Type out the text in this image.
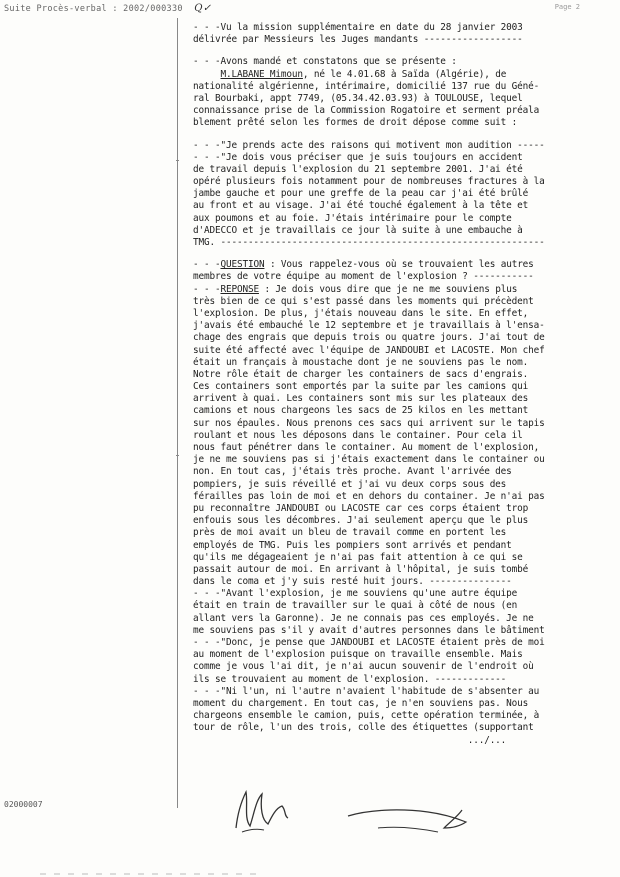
Suite Procès-verbal : 2002/000330 Q✓	Page 2
- - -Vu la mission supplémentaire en date du 28 janvier 2003
délivrée par Messieurs les Juges mandants ------------------
- - -Avons mandé et constatons que se présente :
M.LABANE Mimoun, né le 4.01.68 à Saïda (Algérie), de
nationalité algérienne, intérimaire, domicilié 137 rue du Géné-
ral Bourbaki, appt 7749, (05.34.42.03.93) à TOULOUSE, lequel
connaissance prise de la Commission Rogatoire et serment préala
blement prêté selon les formes de droit dépose comme suit :
- - -"Je prends acte des raisons qui motivent mon audition -----
- - -"Je dois vous préciser que je suis toujours en accident
de travail depuis l'explosion du 21 septembre 2001. J'ai été
opéré plusieurs fois notamment pour de nombreuses fractures à la
jambe gauche et pour une greffe de la peau car j'ai été brûlé
au front et au visage. J'ai été touché également à la tête et
aux poumons et au foie. J'étais intérimaire pour le compte
d'ADECCO et je travaillais ce jour là suite à une embauche à
TMG. -----------------------------------------------------------
- - -QUESTION : Vous rappelez-vous où se trouvaient les autres
membres de votre équipe au moment de l'explosion ? -----------
- - -REPONSE : Je dois vous dire que je ne me souviens plus
très bien de ce qui s'est passé dans les moments qui précèdent
l'explosion. De plus, j'étais nouveau dans le site. En effet,
j'avais été embauché le 12 septembre et je travaillais à l'ensa-
chage des engrais que depuis trois ou quatre jours. J'ai tout de
suite été affecté avec l'équipe de JANDOUBI et LACOSTE. Mon chef
était un français à moustache dont je ne souviens pas le nom.
Notre rôle était de charger les containers de sacs d'engrais.
Ces containers sont emportés par la suite par les camions qui
arrivent à quai. Les containers sont mis sur les plateaux des
camions et nous chargeons les sacs de 25 kilos en les mettant
sur nos épaules. Nous prenons ces sacs qui arrivent sur le tapis
roulant et nous les déposons dans le container. Pour cela il
nous faut pénétrer dans le container. Au moment de l'explosion,
je ne me souviens pas si j'étais exactement dans le container ou
non. En tout cas, j'étais très proche. Avant l'arrivée des
pompiers, je suis réveillé et j'ai vu deux corps sous des
férailles pas loin de moi et en dehors du container. Je n'ai pas
pu reconnaître JANDOUBI ou LACOSTE car ces corps étaient trop
enfouis sous les décombres. J'ai seulement aperçu que le plus
près de moi avait un bleu de travail comme en portent les
employés de TMG. Puis les pompiers sont arrivés et pendant
qu'ils me dégageaient je n'ai pas fait attention à ce qui se
passait autour de moi. En arrivant à l'hôpital, je suis tombé
dans le coma et j'y suis resté huit jours. ---------------
- - -"Avant l'explosion, je me souviens qu'une autre équipe
était en train de travailler sur le quai à côté de nous (en
allant vers la Garonne). Je ne connais pas ces employés. Je ne
me souviens pas s'il y avait d'autres personnes dans le bâtiment
- - -"Donc, je pense que JANDOUBI et LACOSTE étaient près de moi
au moment de l'explosion puisque on travaille ensemble. Mais
comme je vous l'ai dit, je n'ai aucun souvenir de l'endroit où
ils se trouvaient au moment de l'explosion. -------------
- - -"Ni l'un, ni l'autre n'avaient l'habitude de s'absenter au
moment du chargement. En tout cas, je n'en souviens pas. Nous
chargeons ensemble le camion, puis, cette opération terminée, à
tour de rôle, l'un des trois, colle des étiquettes (supportant
.../...
02000007
